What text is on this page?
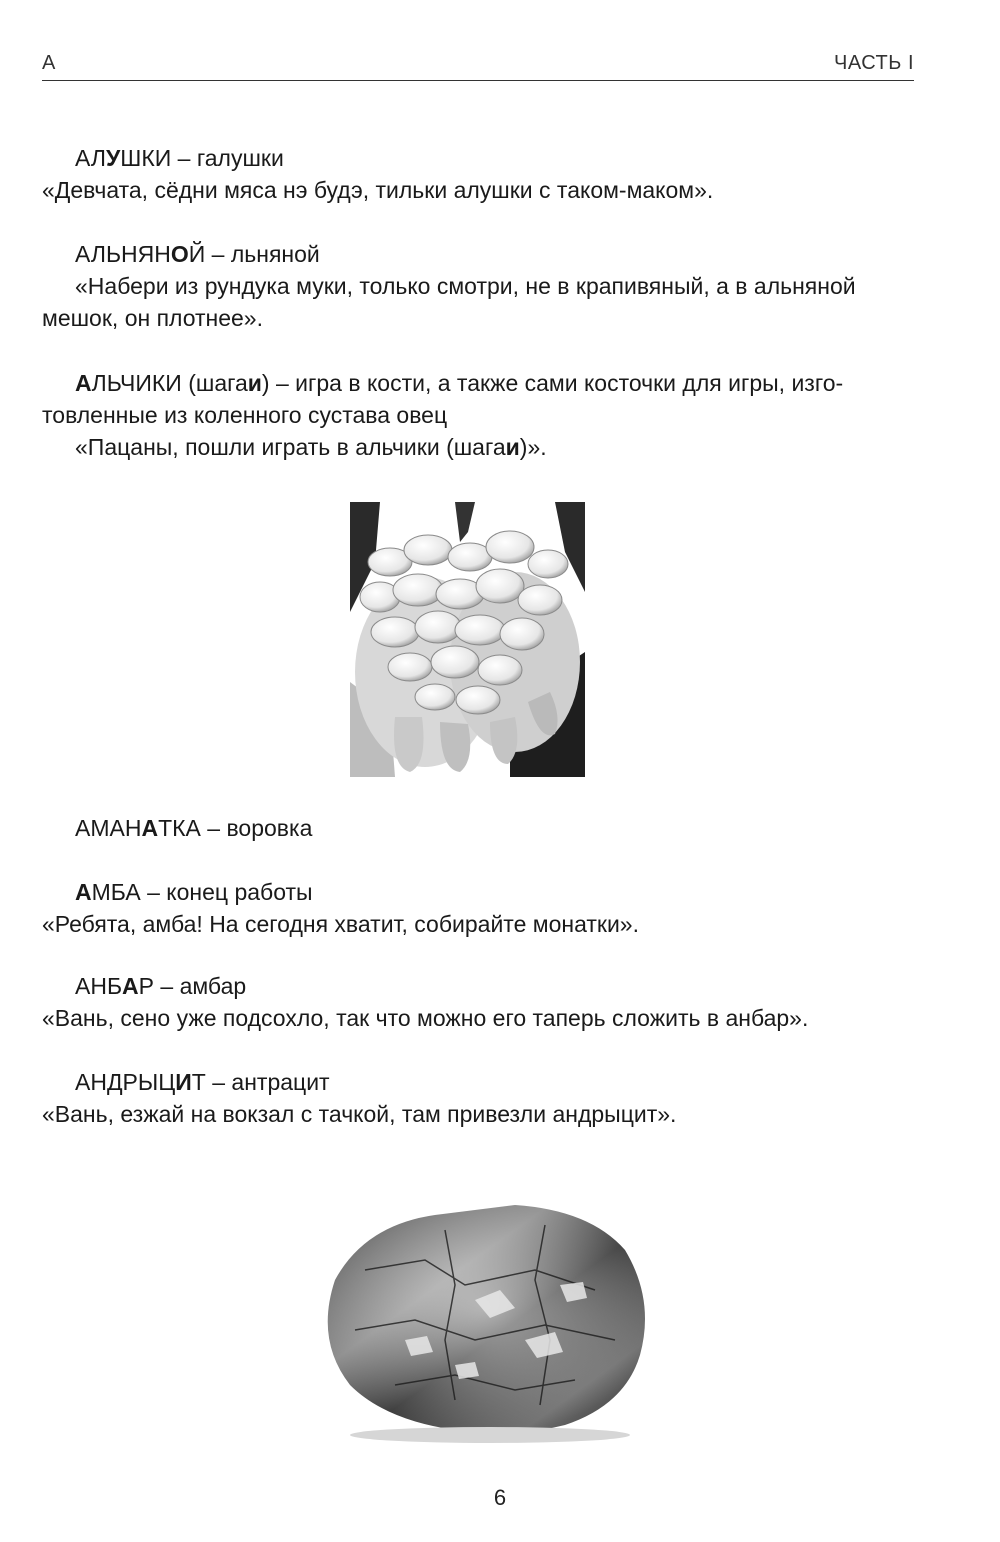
А	ЧАСТЬ I
АЛУШКИ – галушки
«Девчата, сёдни мяса нэ будэ, тильки алушки с таком-маком».
АЛЬНЯНОЙ – льняной
«Набери из рундука муки, только смотри, не в крапивяный, а в альняной
мешок, он плотнее».
АЛЬЧИКИ (шагаи) – игра в кости, а также сами косточки для игры, изго-
товленные из коленного сустава овец
«Пацаны, пошли играть в альчики (шагаи)».
АМАНАТКА – воровка
АМБА – конец работы
«Ребята, амба! На сегодня хватит, собирайте монатки».
АНБАР – амбар
«Вань, сено уже подсохло, так что можно его таперь сложить в анбар».
АНДРЫЦИТ – антрацит
«Вань, езжай на вокзал с тачкой, там привезли андрыцит».
6
